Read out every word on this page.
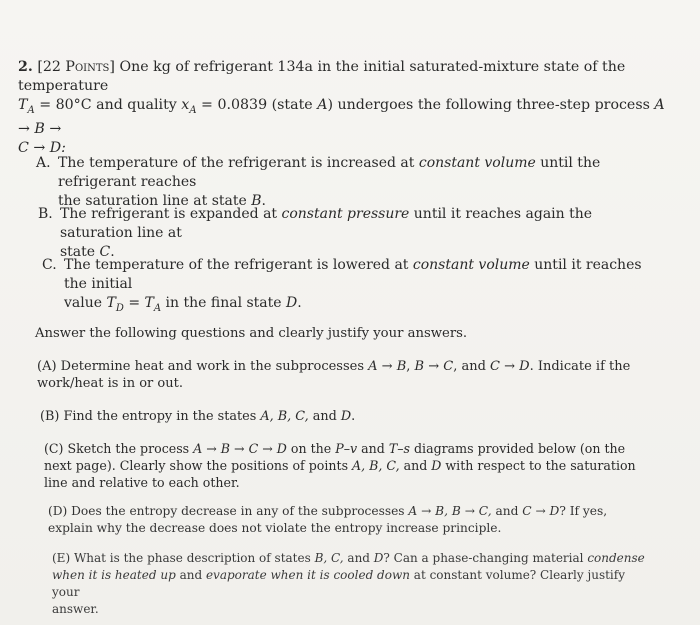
2. [22 Points] One kg of refrigerant 134a in the initial saturated-mixture state of the temperature
$T_A = 80^\circ C$ and quality $x_A = 0.0839$ (state A) undergoes the following three-step process A → B →
C → D:
A. The temperature of the refrigerant is increased at constant volume until the refrigerant reaches
the saturation line at state B.
B. The refrigerant is expanded at constant pressure until it reaches again the saturation line at
state C.
C. The temperature of the refrigerant is lowered at constant volume until it reaches the initial
value $T_D = T_A$ in the final state D.
Answer the following questions and clearly justify your answers.
(A) Determine heat and work in the subprocesses A → B, B → C, and C → D. Indicate if the
work/heat is in or out.
(B) Find the entropy in the states A, B, C, and D.
(C) Sketch the process A → B → C → D on the P–v and T–s diagrams provided below (on the
next page). Clearly show the positions of points A, B, C, and D with respect to the saturation
line and relative to each other.
(D) Does the entropy decrease in any of the subprocesses A → B, B → C, and C → D? If yes,
explain why the decrease does not violate the entropy increase principle.
(E) What is the phase description of states B, C, and D? Can a phase-changing material condense
when it is heated up and evaporate when it is cooled down at constant volume? Clearly justify your
answer.
